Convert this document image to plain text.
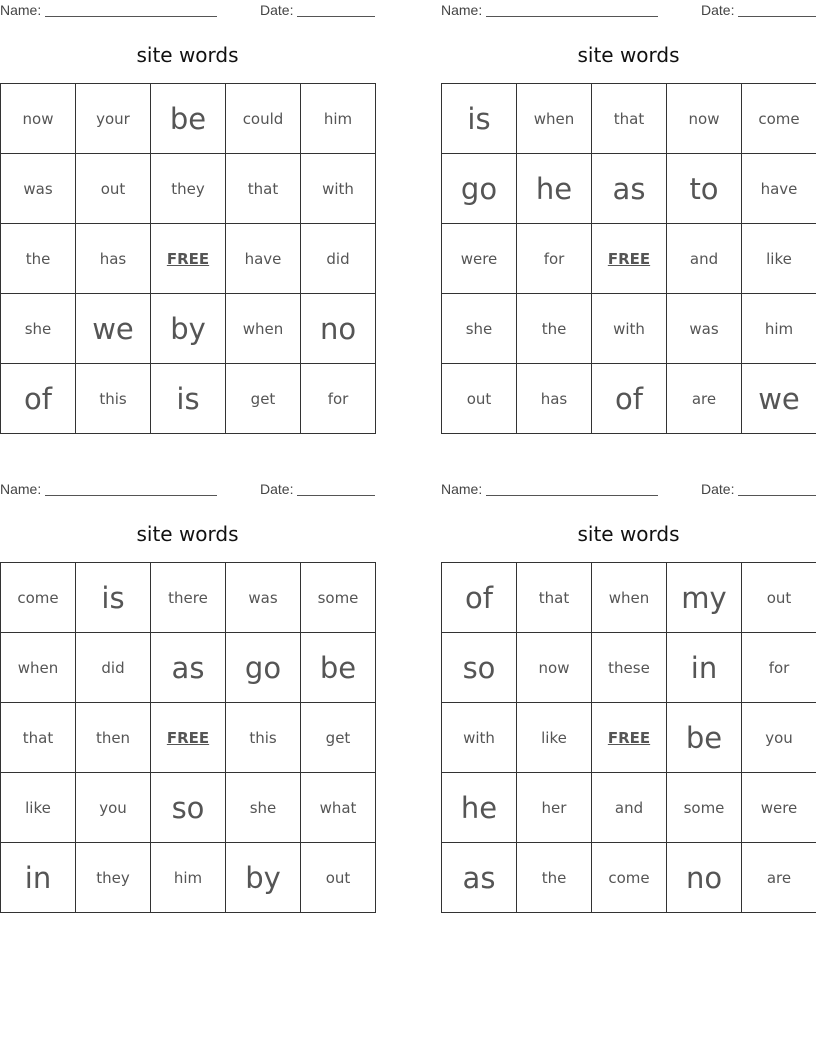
Name:	Date:
site words
now	your	be	could	him
was	out	they	that	with
the	has	FREE	have	did
she	we	by	when	no
of	this	is	get	for
Name:	Date:
site words
is	when	that	now	come
go	he	as	to	have
were	for	FREE	and	like
she	the	with	was	him
out	has	of	are	we
Name:	Date:
site words
come	is	there	was	some
when	did	as	go	be
that	then	FREE	this	get
like	you	so	she	what
in	they	him	by	out
Name:	Date:
site words
of	that	when	my	out
so	now	these	in	for
with	like	FREE	be	you
he	her	and	some	were
as	the	come	no	are
